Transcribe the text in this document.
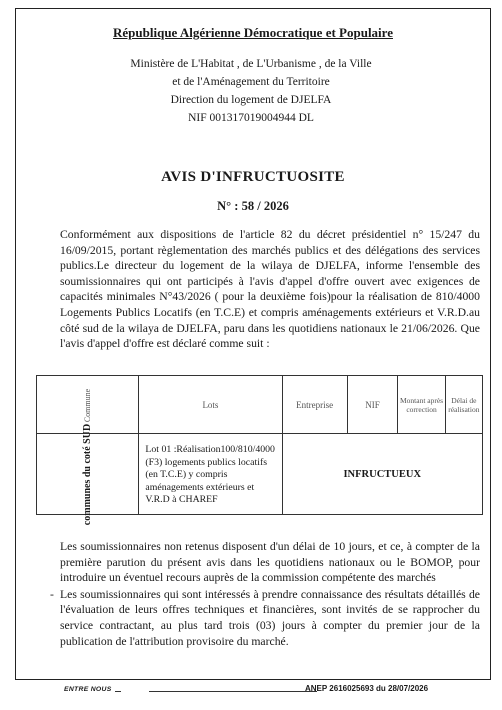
République Algérienne Démocratique et Populaire
Ministère de L'Habitat , de L'Urbanisme , de la Ville
et de l'Aménagement du Territoire
Direction du logement de DJELFA
NIF 001317019004944 DL
AVIS D'INFRUCTUOSITE
N° : 58 / 2026

Conformément aux dispositions de l'article 82 du décret présidentiel n° 15/247 du 16/09/2015, portant règlementation des marchés publics et des délégations des services publics.Le directeur du logement de la wilaya de DJELFA, informe l'ensemble des soumissionnaires qui ont participés à l'avis d'appel d'offre ouvert avec exigences de capacités minimales N°43/2026 ( pour la deuxième fois)pour la réalisation de 810/4000 Logements Publics Locatifs (en T.C.E) et compris aménagements extérieurs et V.R.D.au côté sud de la wilaya de DJELFA, paru dans les quotidiens nationaux le 21/06/2026. Que l'avis d'appel d'offre est déclaré comme suit :

Commune	Lots	Entreprise	NIF	Montant après correction	Délai de réalisation
communes du coté SUD	Lot 01 :Réalisation100/810/4000 (F3) logements publics locatifs (en T.C.E) y compris aménagements extérieurs et V.R.D à CHAREF	INFRUCTUEUX			

Les soumissionnaires non retenus disposent d'un délai de 10 jours, et ce, à compter de la première parution du présent avis dans les quotidiens nationaux ou le BOMOP, pour introduire un éventuel recours auprès de la commission compétente des marchés

- Les soumissionnaires qui sont intéressés à prendre connaissance des résultats détaillés de l'évaluation de leurs offres techniques et financières, sont invités de se rapprocher du service contractant, au plus tard trois (03) jours à compter du premier jour de la publication de l'attribution provisoire du marché.

ENTRE NOUS	ANEP 2616025693 du 28/07/2026
